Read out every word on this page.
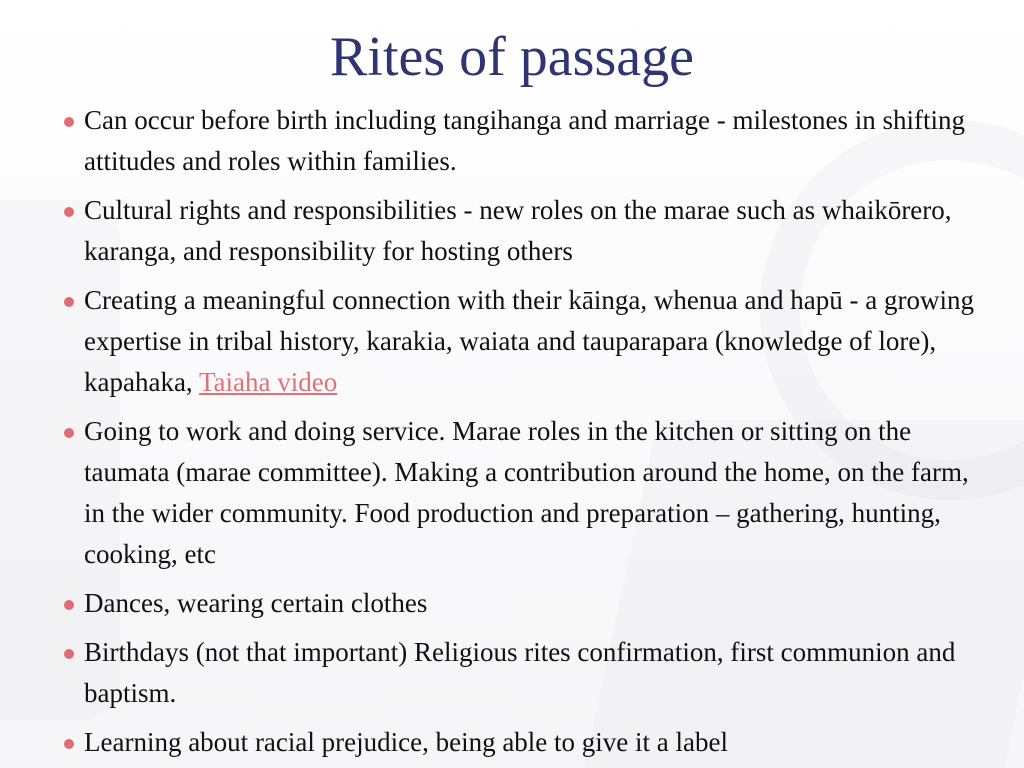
Rites of passage
Can occur before birth including tangihanga and marriage - milestones in shifting attitudes and roles within families.
Cultural rights and responsibilities - new roles on the marae such as whaikōrero, karanga, and responsibility for hosting others
Creating a meaningful connection with their kāinga, whenua and hapū - a growing expertise in tribal history, karakia, waiata and tauparapara (knowledge of lore), kapahaka, Taiaha video
Going to work and doing service. Marae roles in the kitchen or sitting on the taumata (marae committee). Making a contribution around the home, on the farm, in the wider community. Food production and preparation – gathering, hunting, cooking, etc
Dances, wearing certain clothes
Birthdays (not that important) Religious rites confirmation, first communion and baptism.
Learning about racial prejudice, being able to give it a label
